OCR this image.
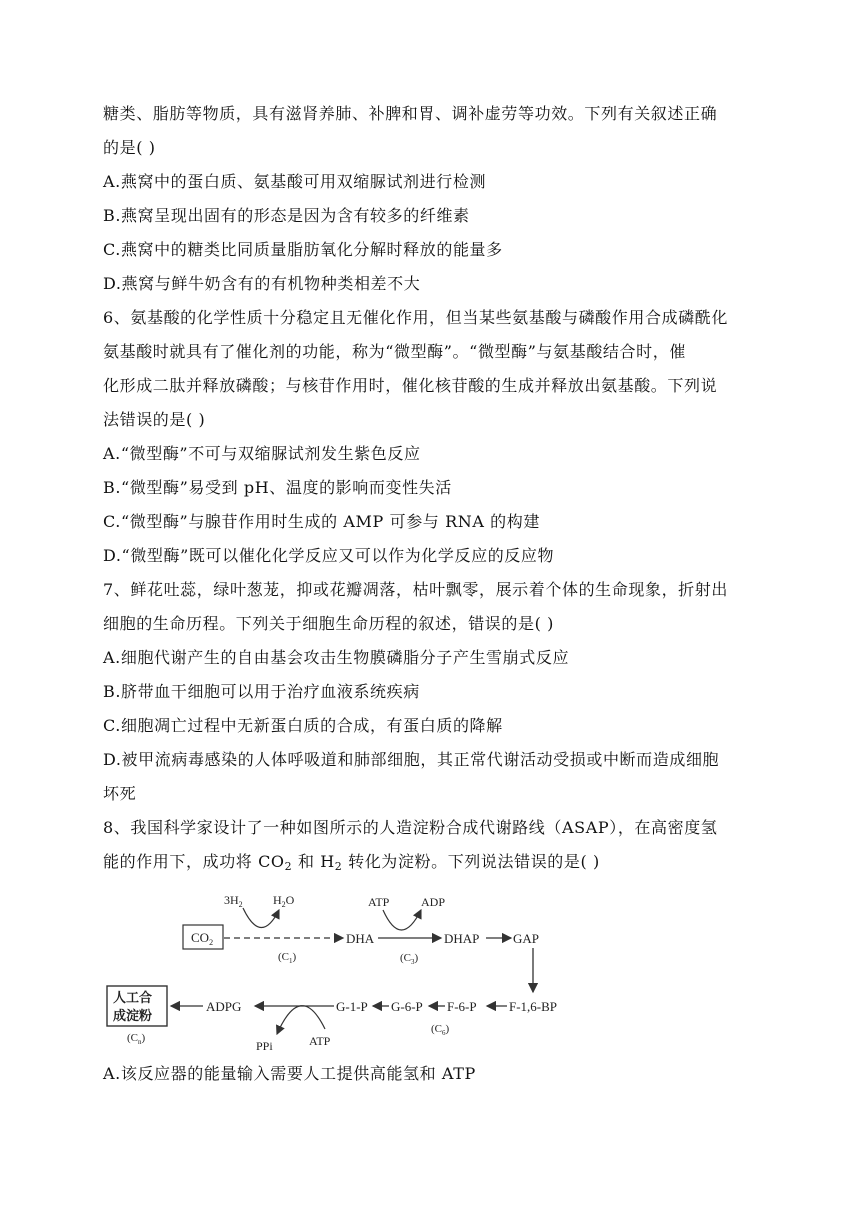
糖类、脂肪等物质，具有滋肾养肺、补脾和胃、调补虚劳等功效。下列有关叙述正确
的是( )
A.燕窝中的蛋白质、氨基酸可用双缩脲试剂进行检测
B.燕窝呈现出固有的形态是因为含有较多的纤维素
C.燕窝中的糖类比同质量脂肪氧化分解时释放的能量多
D.燕窝与鲜牛奶含有的有机物种类相差不大
6、氨基酸的化学性质十分稳定且无催化作用，但当某些氨基酸与磷酸作用合成磷酰化
氨基酸时就具有了催化剂的功能，称为“微型酶”。“微型酶”与氨基酸结合时，催
化形成二肽并释放磷酸；与核苷作用时，催化核苷酸的生成并释放出氨基酸。下列说
法错误的是( )
A.“微型酶”不可与双缩脲试剂发生紫色反应
B.“微型酶”易受到 pH、温度的影响而变性失活
C.“微型酶”与腺苷作用时生成的 AMP 可参与 RNA 的构建
D.“微型酶”既可以催化化学反应又可以作为化学反应的反应物
7、鲜花吐蕊，绿叶葱茏，抑或花瓣凋落，枯叶飘零，展示着个体的生命现象，折射出
细胞的生命历程。下列关于细胞生命历程的叙述，错误的是( )
A.细胞代谢产生的自由基会攻击生物膜磷脂分子产生雪崩式反应
B.脐带血干细胞可以用于治疗血液系统疾病
C.细胞凋亡过程中无新蛋白质的合成，有蛋白质的降解
D.被甲流病毒感染的人体呼吸道和肺部细胞，其正常代谢活动受损或中断而造成细胞
坏死
8、我国科学家设计了一种如图所示的人造淀粉合成代谢路线（ASAP），在高密度氢
能的作用下，成功将 $CO_2$ 和 $H_2$ 转化为淀粉。下列说法错误的是( )
$CO_2$
$3H_2$	$H_2O$
$(C_1)$
DHA
ATP	ADP
$(C_3)$
DHAP	GAP
F-1,6-BP
F-6-P
G-6-P
$(C_6)$
G-1-P
ADPG
PPi	ATP
人工合
成淀粉
$(C_n)$
A.该反应器的能量输入需要人工提供高能氢和 ATP
